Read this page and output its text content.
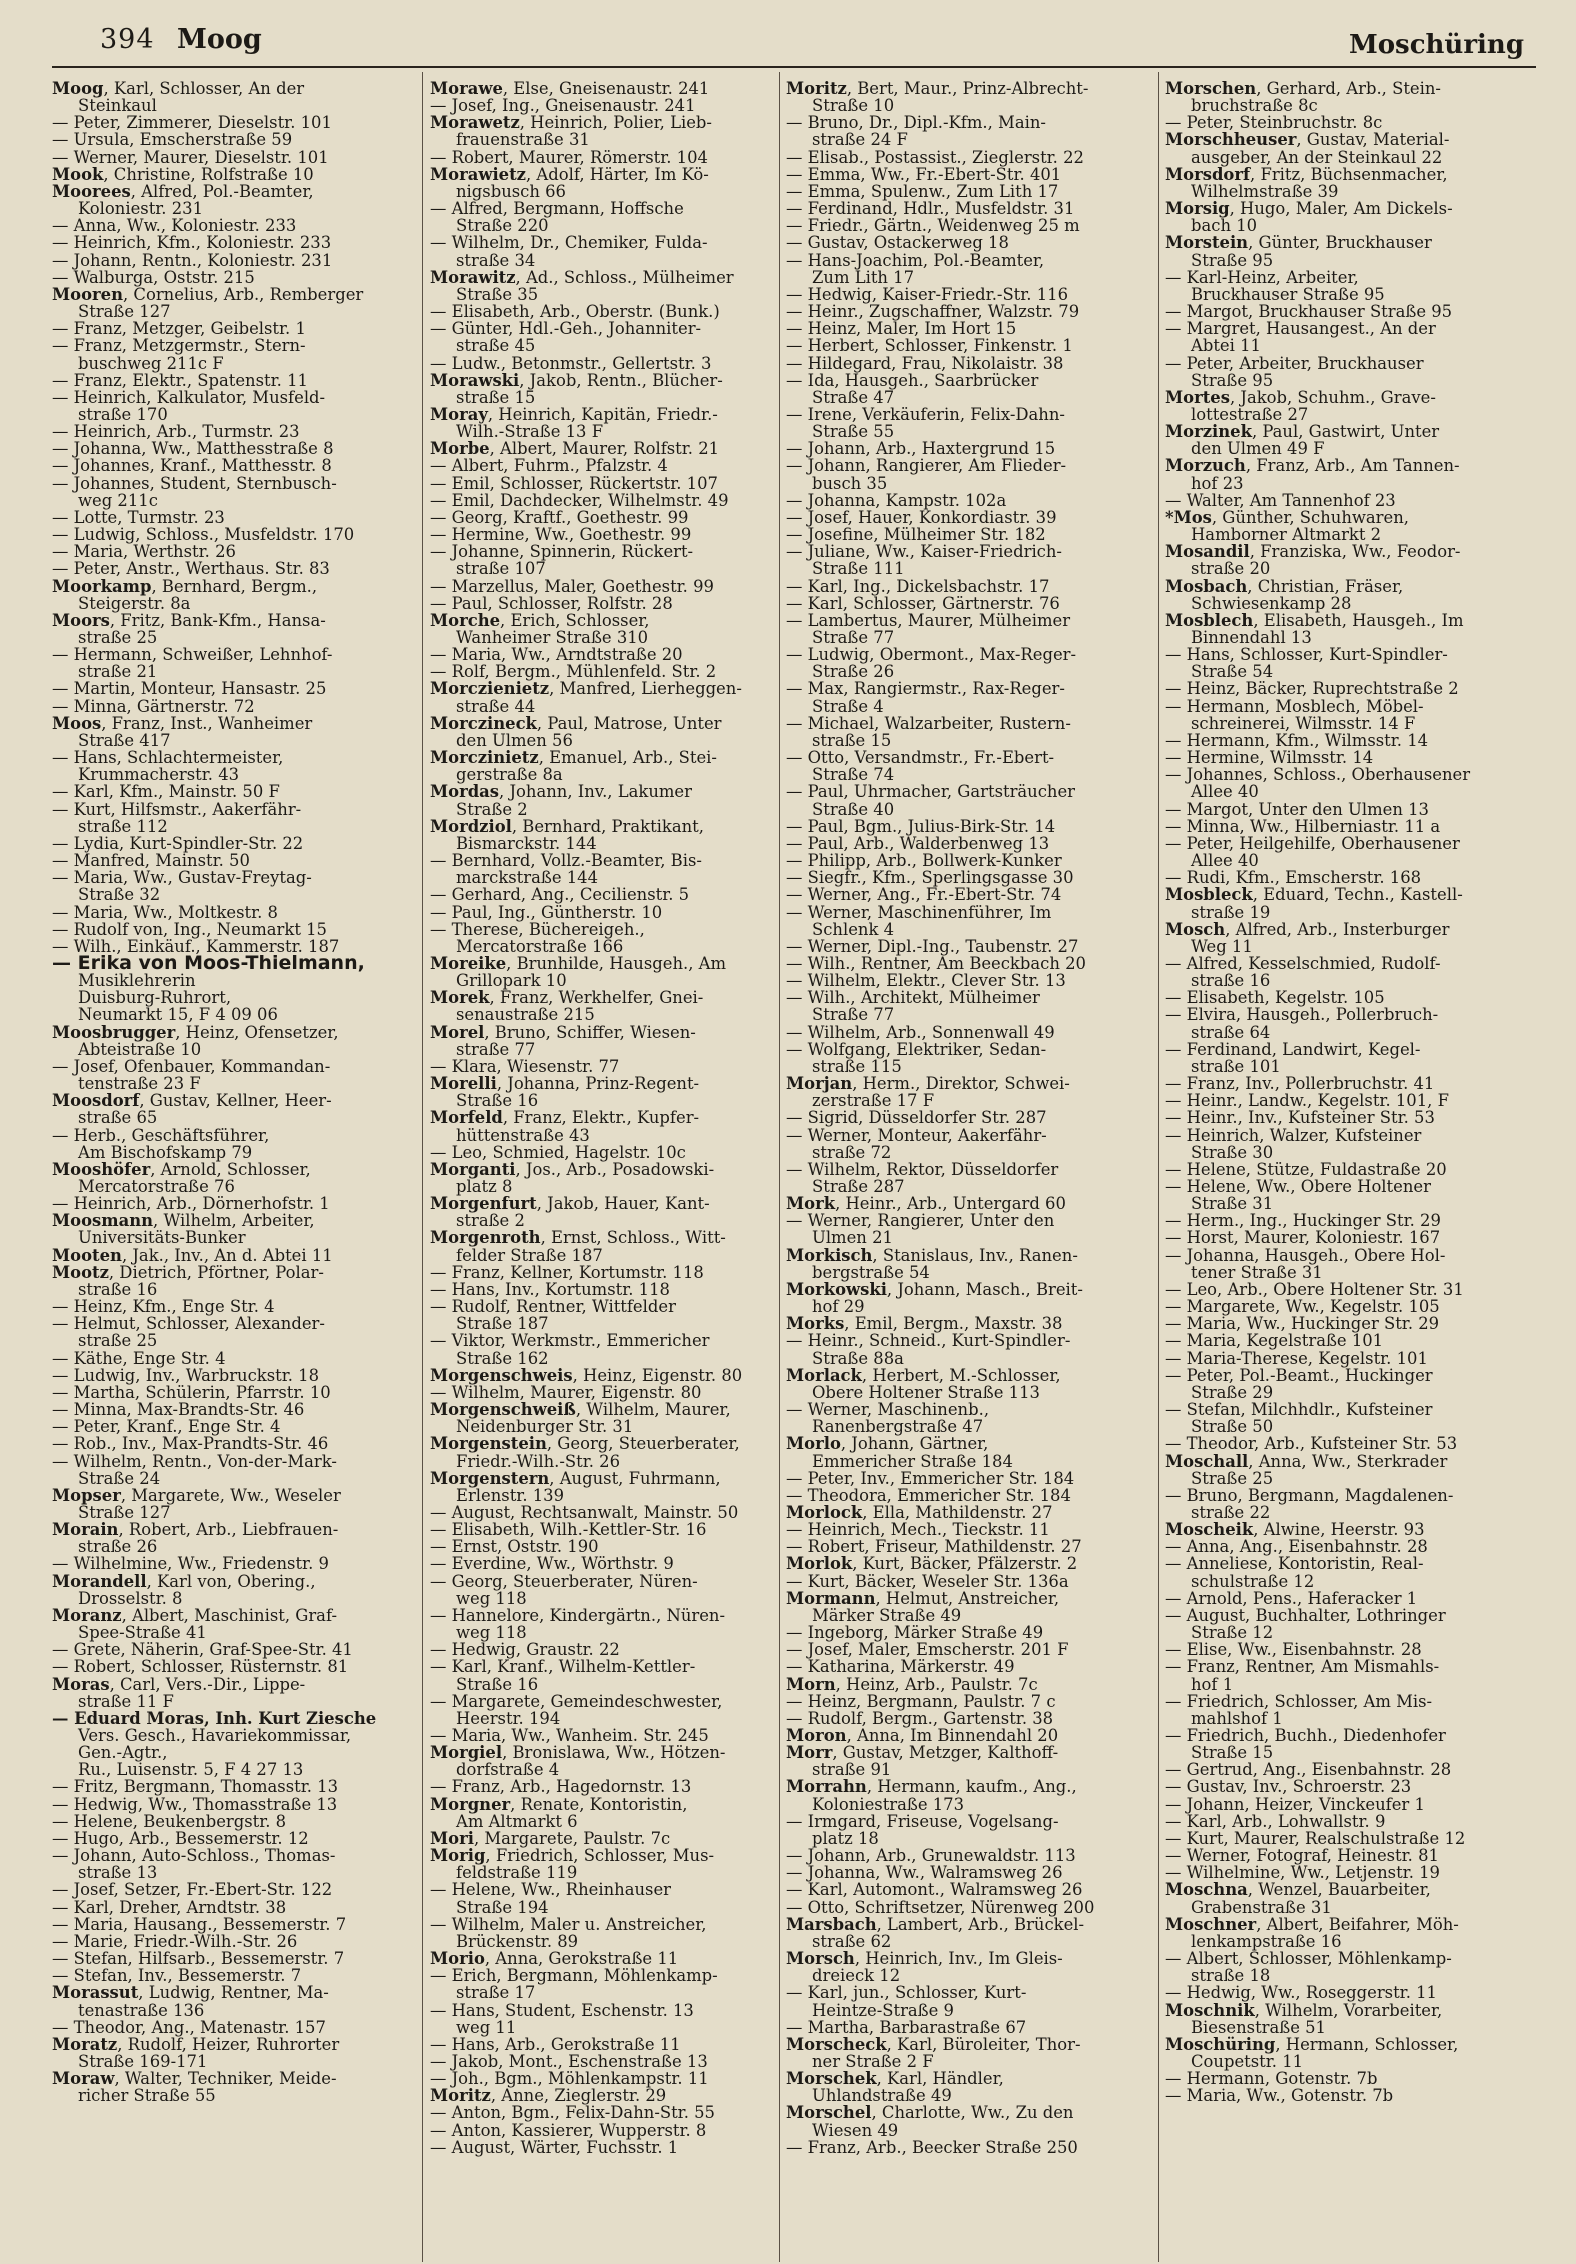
394 Moog	Moschüring
Moog, Karl, Schlosser, An der
Steinkaul
— Peter, Zimmerer, Dieselstr. 101
— Ursula, Emscherstraße 59
— Werner, Maurer, Dieselstr. 101
Mook, Christine, Rolfstraße 10
Moorees, Alfred, Pol.-Beamter,
Koloniestr. 231
— Anna, Ww., Koloniestr. 233
— Heinrich, Kfm., Koloniestr. 233
— Johann, Rentn., Koloniestr. 231
— Walburga, Oststr. 215
Mooren, Cornelius, Arb., Remberger
Straße 127
— Franz, Metzger, Geibelstr. 1
— Franz, Metzgermstr., Stern-
buschweg 211c F
— Franz, Elektr., Spatenstr. 11
— Heinrich, Kalkulator, Musfeld-
straße 170
— Heinrich, Arb., Turmstr. 23
— Johanna, Ww., Matthesstraße 8
— Johannes, Kranf., Matthesstr. 8
— Johannes, Student, Sternbusch-
weg 211c
— Lotte, Turmstr. 23
— Ludwig, Schloss., Musfeldstr. 170
— Maria, Werthstr. 26
— Peter, Anstr., Werthaus. Str. 83
Moorkamp, Bernhard, Bergm.,
Steigerstr. 8a
Moors, Fritz, Bank-Kfm., Hansa-
straße 25
— Hermann, Schweißer, Lehnhof-
straße 21
— Martin, Monteur, Hansastr. 25
— Minna, Gärtnerstr. 72
Moos, Franz, Inst., Wanheimer
Straße 417
— Hans, Schlachtermeister,
Krummacherstr. 43
— Karl, Kfm., Mainstr. 50 F
— Kurt, Hilfsmstr., Aakerfähr-
straße 112
— Lydia, Kurt-Spindler-Str. 22
— Manfred, Mainstr. 50
— Maria, Ww., Gustav-Freytag-
Straße 32
— Maria, Ww., Moltkestr. 8
— Rudolf von, Ing., Neumarkt 15
— Wilh., Einkäuf., Kammerstr. 187
— Erika von Moos-Thielmann,
Musiklehrerin
Duisburg-Ruhrort,
Neumarkt 15, F 4 09 06
Moosbrugger, Heinz, Ofensetzer,
Abteistraße 10
— Josef, Ofenbauer, Kommandan-
tenstraße 23 F
Moosdorf, Gustav, Kellner, Heer-
straße 65
— Herb., Geschäftsführer,
Am Bischofskamp 79
Mooshöfer, Arnold, Schlosser,
Mercatorstraße 76
— Heinrich, Arb., Dörnerhofstr. 1
Moosmann, Wilhelm, Arbeiter,
Universitäts-Bunker
Mooten, Jak., Inv., An d. Abtei 11
Mootz, Dietrich, Pförtner, Polar-
straße 16
— Heinz, Kfm., Enge Str. 4
— Helmut, Schlosser, Alexander-
straße 25
— Käthe, Enge Str. 4
— Ludwig, Inv., Warbruckstr. 18
— Martha, Schülerin, Pfarrstr. 10
— Minna, Max-Brandts-Str. 46
— Peter, Kranf., Enge Str. 4
— Rob., Inv., Max-Prandts-Str. 46
— Wilhelm, Rentn., Von-der-Mark-
Straße 24
Mopser, Margarete, Ww., Weseler
Straße 127
Morain, Robert, Arb., Liebfrauen-
straße 26
— Wilhelmine, Ww., Friedenstr. 9
Morandell, Karl von, Obering.,
Drosselstr. 8
Moranz, Albert, Maschinist, Graf-
Spee-Straße 41
— Grete, Näherin, Graf-Spee-Str. 41
— Robert, Schlosser, Rüsternstr. 81
Moras, Carl, Vers.-Dir., Lippe-
straße 11 F
— Eduard Moras, Inh. Kurt Ziesche
Vers. Gesch., Havariekommissar,
Gen.-Agtr.,
Ru., Luisenstr. 5, F 4 27 13
— Fritz, Bergmann, Thomasstr. 13
— Hedwig, Ww., Thomasstraße 13
— Helene, Beukenbergstr. 8
— Hugo, Arb., Bessemerstr. 12
— Johann, Auto-Schloss., Thomas-
straße 13
— Josef, Setzer, Fr.-Ebert-Str. 122
— Karl, Dreher, Arndtstr. 38
— Maria, Hausang., Bessemerstr. 7
— Marie, Friedr.-Wilh.-Str. 26
— Stefan, Hilfsarb., Bessemerstr. 7
— Stefan, Inv., Bessemerstr. 7
Morassut, Ludwig, Rentner, Ma-
tenastraße 136
— Theodor, Ang., Matenastr. 157
Moratz, Rudolf, Heizer, Ruhrorter
Straße 169-171
Moraw, Walter, Techniker, Meide-
richer Straße 55
Morawe, Else, Gneisenaustr. 241
— Josef, Ing., Gneisenaustr. 241
Morawetz, Heinrich, Polier, Lieb-
frauenstraße 31
— Robert, Maurer, Römerstr. 104
Morawietz, Adolf, Härter, Im Kö-
nigsbusch 66
— Alfred, Bergmann, Hoffsche
Straße 220
— Wilhelm, Dr., Chemiker, Fulda-
straße 34
Morawitz, Ad., Schloss., Mülheimer
Straße 35
— Elisabeth, Arb., Oberstr. (Bunk.)
— Günter, Hdl.-Geh., Johanniter-
straße 45
— Ludw., Betonmstr., Gellertstr. 3
Morawski, Jakob, Rentn., Blücher-
straße 15
Moray, Heinrich, Kapitän, Friedr.-
Wilh.-Straße 13 F
Morbe, Albert, Maurer, Rolfstr. 21
— Albert, Fuhrm., Pfalzstr. 4
— Emil, Schlosser, Rückertstr. 107
— Emil, Dachdecker, Wilhelmstr. 49
— Georg, Kraftf., Goethestr. 99
— Hermine, Ww., Goethestr. 99
— Johanne, Spinnerin, Rückert-
straße 107
— Marzellus, Maler, Goethestr. 99
— Paul, Schlosser, Rolfstr. 28
Morche, Erich, Schlosser,
Wanheimer Straße 310
— Maria, Ww., Arndtstraße 20
— Rolf, Bergm., Mühlenfeld. Str. 2
Morczienietz, Manfred, Lierheggen-
straße 44
Morczineck, Paul, Matrose, Unter
den Ulmen 56
Morczinietz, Emanuel, Arb., Stei-
gerstraße 8a
Mordas, Johann, Inv., Lakumer
Straße 2
Mordziol, Bernhard, Praktikant,
Bismarckstr. 144
— Bernhard, Vollz.-Beamter, Bis-
marckstraße 144
— Gerhard, Ang., Cecilienstr. 5
— Paul, Ing., Güntherstr. 10
— Therese, Büchereigeh.,
Mercatorstraße 166
Moreike, Brunhilde, Hausgeh., Am
Grillopark 10
Morek, Franz, Werkhelfer, Gnei-
senaustraße 215
Morel, Bruno, Schiffer, Wiesen-
straße 77
— Klara, Wiesenstr. 77
Morelli, Johanna, Prinz-Regent-
Straße 16
Morfeld, Franz, Elektr., Kupfer-
hüttenstraße 43
— Leo, Schmied, Hagelstr. 10c
Morganti, Jos., Arb., Posadowski-
platz 8
Morgenfurt, Jakob, Hauer, Kant-
straße 2
Morgenroth, Ernst, Schloss., Witt-
felder Straße 187
— Franz, Kellner, Kortumstr. 118
— Hans, Inv., Kortumstr. 118
— Rudolf, Rentner, Wittfelder
Straße 187
— Viktor, Werkmstr., Emmericher
Straße 162
Morgenschweis, Heinz, Eigenstr. 80
— Wilhelm, Maurer, Eigenstr. 80
Morgenschweiß, Wilhelm, Maurer,
Neidenburger Str. 31
Morgenstein, Georg, Steuerberater,
Friedr.-Wilh.-Str. 26
Morgenstern, August, Fuhrmann,
Erlenstr. 139
— August, Rechtsanwalt, Mainstr. 50
— Elisabeth, Wilh.-Kettler-Str. 16
— Ernst, Oststr. 190
— Everdine, Ww., Wörthstr. 9
— Georg, Steuerberater, Nüren-
weg 118
— Hannelore, Kindergärtn., Nüren-
weg 118
— Hedwig, Graustr. 22
— Karl, Kranf., Wilhelm-Kettler-
Straße 16
— Margarete, Gemeindeschwester,
Heerstr. 194
— Maria, Ww., Wanheim. Str. 245
Morgiel, Bronislawa, Ww., Hötzen-
dorfstraße 4
— Franz, Arb., Hagedornstr. 13
Morgner, Renate, Kontoristin,
Am Altmarkt 6
Mori, Margarete, Paulstr. 7c
Morig, Friedrich, Schlosser, Mus-
feldstraße 119
— Helene, Ww., Rheinhauser
Straße 194
— Wilhelm, Maler u. Anstreicher,
Brückenstr. 89
Morio, Anna, Gerokstraße 11
— Erich, Bergmann, Möhlenkamp-
straße 17
— Hans, Student, Eschenstr. 13
weg 11
— Hans, Arb., Gerokstraße 11
— Jakob, Mont., Eschenstraße 13
— Joh., Bgm., Möhlenkampstr. 11
Moritz, Anne, Zieglerstr. 29
— Anton, Bgm., Felix-Dahn-Str. 55
— Anton, Kassierer, Wupperstr. 8
— August, Wärter, Fuchsstr. 1
Moritz, Bert, Maur., Prinz-Albrecht-
Straße 10
— Bruno, Dr., Dipl.-Kfm., Main-
straße 24 F
— Elisab., Postassist., Zieglerstr. 22
— Emma, Ww., Fr.-Ebert-Str. 401
— Emma, Spulenw., Zum Lith 17
— Ferdinand, Hdlr., Musfeldstr. 31
— Friedr., Gärtn., Weidenweg 25 m
— Gustav, Ostackerweg 18
— Hans-Joachim, Pol.-Beamter,
Zum Lith 17
— Hedwig, Kaiser-Friedr.-Str. 116
— Heinr., Zugschaffner, Walzstr. 79
— Heinz, Maler, Im Hort 15
— Herbert, Schlosser, Finkenstr. 1
— Hildegard, Frau, Nikolaistr. 38
— Ida, Hausgeh., Saarbrücker
Straße 47
— Irene, Verkäuferin, Felix-Dahn-
Straße 55
— Johann, Arb., Haxtergrund 15
— Johann, Rangierer, Am Flieder-
busch 35
— Johanna, Kampstr. 102a
— Josef, Hauer, Konkordiastr. 39
— Josefine, Mülheimer Str. 182
— Juliane, Ww., Kaiser-Friedrich-
Straße 111
— Karl, Ing., Dickelsbachstr. 17
— Karl, Schlosser, Gärtnerstr. 76
— Lambertus, Maurer, Mülheimer
Straße 77
— Ludwig, Obermont., Max-Reger-
Straße 26
— Max, Rangiermstr., Rax-Reger-
Straße 4
— Michael, Walzarbeiter, Rustern-
straße 15
— Otto, Versandmstr., Fr.-Ebert-
Straße 74
— Paul, Uhrmacher, Gartsträucher
Straße 40
— Paul, Bgm., Julius-Birk-Str. 14
— Paul, Arb., Walderbenweg 13
— Philipp, Arb., Bollwerk-Kunker
— Siegfr., Kfm., Sperlingsgasse 30
— Werner, Ang., Fr.-Ebert-Str. 74
— Werner, Maschinenführer, Im
Schlenk 4
— Werner, Dipl.-Ing., Taubenstr. 27
— Wilh., Rentner, Am Beeckbach 20
— Wilhelm, Elektr., Clever Str. 13
— Wilh., Architekt, Mülheimer
Straße 77
— Wilhelm, Arb., Sonnenwall 49
— Wolfgang, Elektriker, Sedan-
straße 115
Morjan, Herm., Direktor, Schwei-
zerstraße 17 F
— Sigrid, Düsseldorfer Str. 287
— Werner, Monteur, Aakerfähr-
straße 72
— Wilhelm, Rektor, Düsseldorfer
Straße 287
Mork, Heinr., Arb., Untergard 60
— Werner, Rangierer, Unter den
Ulmen 21
Morkisch, Stanislaus, Inv., Ranen-
bergstraße 54
Morkowski, Johann, Masch., Breit-
hof 29
Morks, Emil, Bergm., Maxstr. 38
— Heinr., Schneid., Kurt-Spindler-
Straße 88a
Morlack, Herbert, M.-Schlosser,
Obere Holtener Straße 113
— Werner, Maschinenb.,
Ranenbergstraße 47
Morlo, Johann, Gärtner,
Emmericher Straße 184
— Peter, Inv., Emmericher Str. 184
— Theodora, Emmericher Str. 184
Morlock, Ella, Mathildenstr. 27
— Heinrich, Mech., Tieckstr. 11
— Robert, Friseur, Mathildenstr. 27
Morlok, Kurt, Bäcker, Pfälzerstr. 2
— Kurt, Bäcker, Weseler Str. 136a
Mormann, Helmut, Anstreicher,
Märker Straße 49
— Ingeborg, Märker Straße 49
— Josef, Maler, Emscherstr. 201 F
— Katharina, Märkerstr. 49
Morn, Heinz, Arb., Paulstr. 7c
— Heinz, Bergmann, Paulstr. 7 c
— Rudolf, Bergm., Gartenstr. 38
Moron, Anna, Im Binnendahl 20
Morr, Gustav, Metzger, Kalthoff-
straße 91
Morrahn, Hermann, kaufm., Ang.,
Koloniestraße 173
— Irmgard, Friseuse, Vogelsang-
platz 18
— Johann, Arb., Grunewaldstr. 113
— Johanna, Ww., Walramsweg 26
— Karl, Automont., Walramsweg 26
— Otto, Schriftsetzer, Nürenweg 200
Marsbach, Lambert, Arb., Brückel-
straße 62
Morsch, Heinrich, Inv., Im Gleis-
dreieck 12
— Karl, jun., Schlosser, Kurt-
Heintze-Straße 9
— Martha, Barbarastraße 67
Morscheck, Karl, Büroleiter, Thor-
ner Straße 2 F
Morschek, Karl, Händler,
Uhlandstraße 49
Morschel, Charlotte, Ww., Zu den
Wiesen 49
— Franz, Arb., Beecker Straße 250
Morschen, Gerhard, Arb., Stein-
bruchstraße 8c
— Peter, Steinbruchstr. 8c
Morschheuser, Gustav, Material-
ausgeber, An der Steinkaul 22
Morsdorf, Fritz, Büchsenmacher,
Wilhelmstraße 39
Morsig, Hugo, Maler, Am Dickels-
bach 10
Morstein, Günter, Bruckhauser
Straße 95
— Karl-Heinz, Arbeiter,
Bruckhauser Straße 95
— Margot, Bruckhauser Straße 95
— Margret, Hausangest., An der
Abtei 11
— Peter, Arbeiter, Bruckhauser
Straße 95
Mortes, Jakob, Schuhm., Grave-
lottestraße 27
Morzinek, Paul, Gastwirt, Unter
den Ulmen 49 F
Morzuch, Franz, Arb., Am Tannen-
hof 23
— Walter, Am Tannenhof 23
*Mos, Günther, Schuhwaren,
Hamborner Altmarkt 2
Mosandil, Franziska, Ww., Feodor-
straße 20
Mosbach, Christian, Fräser,
Schwiesenkamp 28
Mosblech, Elisabeth, Hausgeh., Im
Binnendahl 13
— Hans, Schlosser, Kurt-Spindler-
Straße 54
— Heinz, Bäcker, Ruprechtstraße 2
— Hermann, Mosblech, Möbel-
schreinerei, Wilmsstr. 14 F
— Hermann, Kfm., Wilmsstr. 14
— Hermine, Wilmsstr. 14
— Johannes, Schloss., Oberhausener
Allee 40
— Margot, Unter den Ulmen 13
— Minna, Ww., Hilberniastr. 11 a
— Peter, Heilgehilfe, Oberhausener
Allee 40
— Rudi, Kfm., Emscherstr. 168
Mosbleck, Eduard, Techn., Kastell-
straße 19
Mosch, Alfred, Arb., Insterburger
Weg 11
— Alfred, Kesselschmied, Rudolf-
straße 16
— Elisabeth, Kegelstr. 105
— Elvira, Hausgeh., Pollerbruch-
straße 64
— Ferdinand, Landwirt, Kegel-
straße 101
— Franz, Inv., Pollerbruchstr. 41
— Heinr., Landw., Kegelstr. 101, F
— Heinr., Inv., Kufsteiner Str. 53
— Heinrich, Walzer, Kufsteiner
Straße 30
— Helene, Stütze, Fuldastraße 20
— Helene, Ww., Obere Holtener
Straße 31
— Herm., Ing., Huckinger Str. 29
— Horst, Maurer, Koloniestr. 167
— Johanna, Hausgeh., Obere Hol-
tener Straße 31
— Leo, Arb., Obere Holtener Str. 31
— Margarete, Ww., Kegelstr. 105
— Maria, Ww., Huckinger Str. 29
— Maria, Kegelstraße 101
— Maria-Therese, Kegelstr. 101
— Peter, Pol.-Beamt., Huckinger
Straße 29
— Stefan, Milchhdlr., Kufsteiner
Straße 50
— Theodor, Arb., Kufsteiner Str. 53
Moschall, Anna, Ww., Sterkrader
Straße 25
— Bruno, Bergmann, Magdalenen-
straße 22
Moscheik, Alwine, Heerstr. 93
— Anna, Ang., Eisenbahnstr. 28
— Anneliese, Kontoristin, Real-
schulstraße 12
— Arnold, Pens., Haferacker 1
— August, Buchhalter, Lothringer
Straße 12
— Elise, Ww., Eisenbahnstr. 28
— Franz, Rentner, Am Mismahls-
hof 1
— Friedrich, Schlosser, Am Mis-
mahlshof 1
— Friedrich, Buchh., Diedenhofer
Straße 15
— Gertrud, Ang., Eisenbahnstr. 28
— Gustav, Inv., Schroerstr. 23
— Johann, Heizer, Vinckeufer 1
— Karl, Arb., Lohwallstr. 9
— Kurt, Maurer, Realschulstraße 12
— Werner, Fotograf, Heinestr. 81
— Wilhelmine, Ww., Letjenstr. 19
Moschna, Wenzel, Bauarbeiter,
Grabenstraße 31
Moschner, Albert, Beifahrer, Möh-
lenkampstraße 16
— Albert, Schlosser, Möhlenkamp-
straße 18
— Hedwig, Ww., Roseggerstr. 11
Moschnik, Wilhelm, Vorarbeiter,
Biesenstraße 51
Moschüring, Hermann, Schlosser,
Coupetstr. 11
— Hermann, Gotenstr. 7b
— Maria, Ww., Gotenstr. 7b
